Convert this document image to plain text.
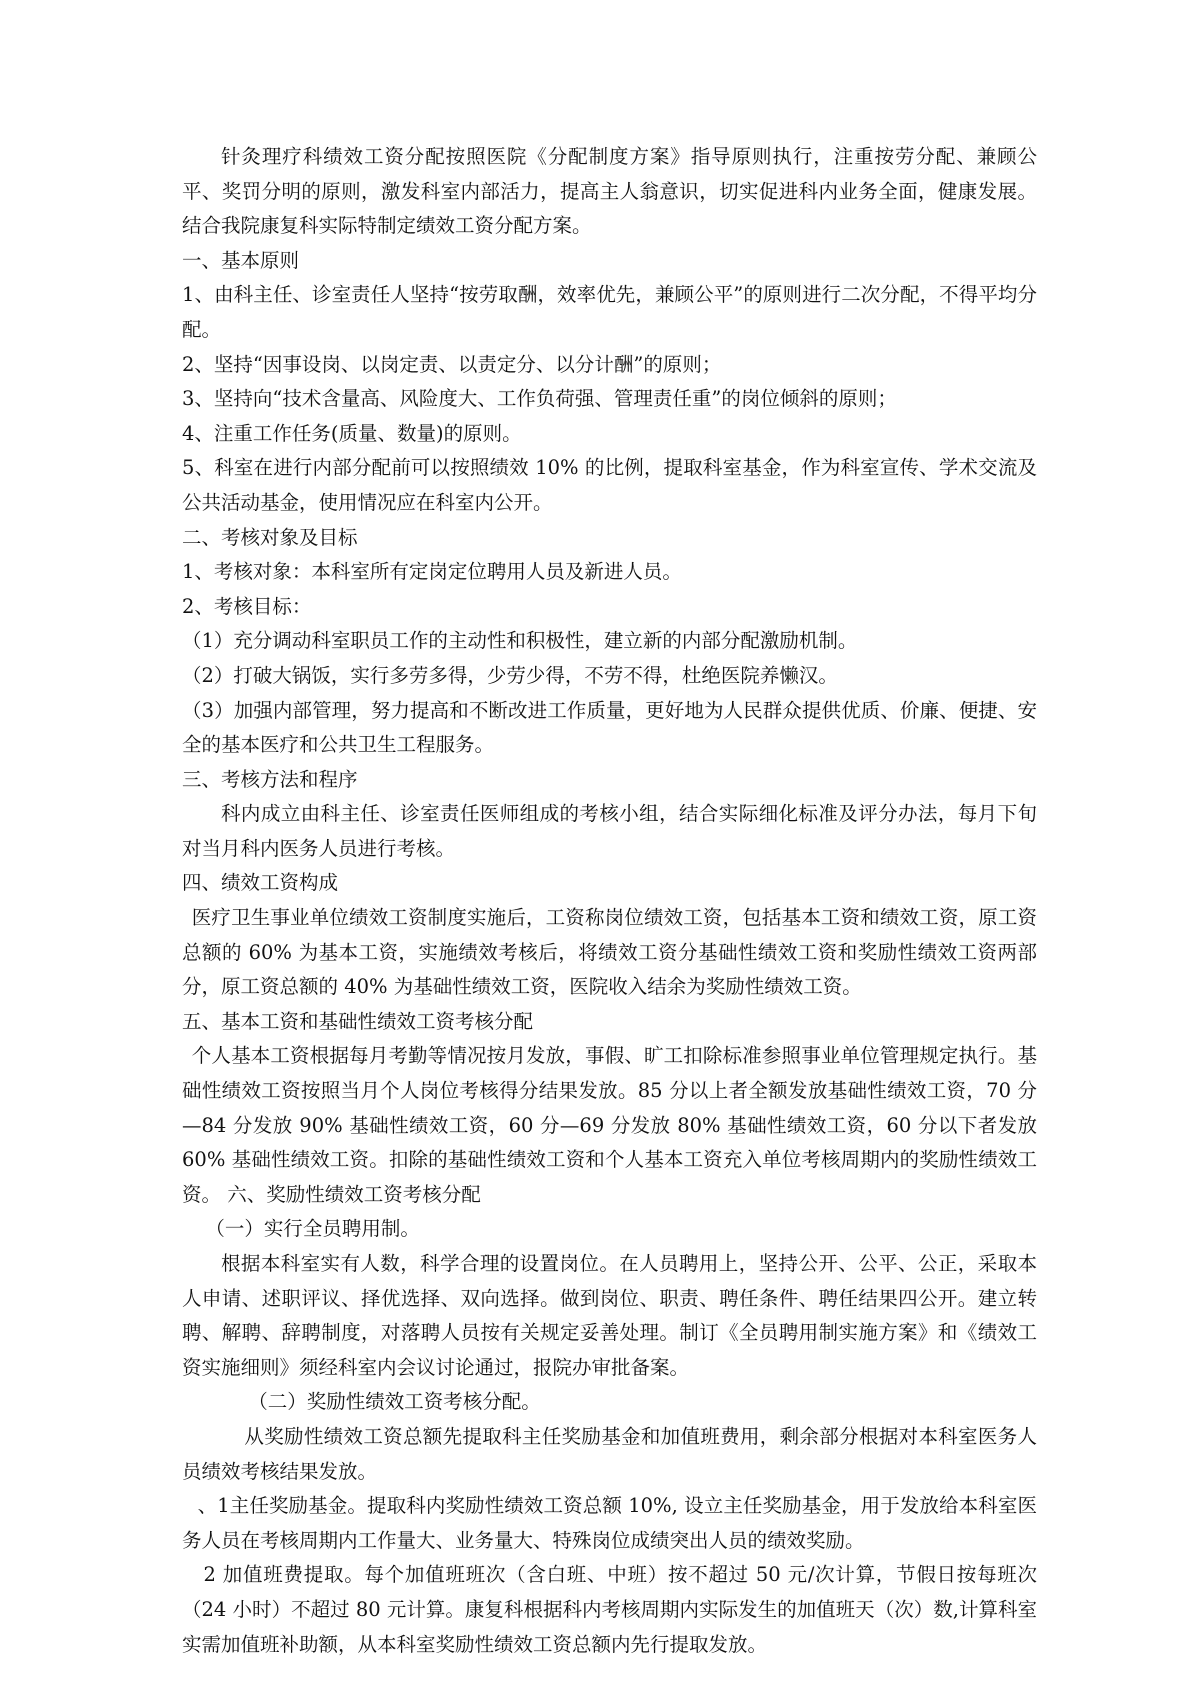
针灸理疗科绩效工资分配按照医院《分配制度方案》指导原则执行，注重按劳分配、兼顾公平、奖罚分明的原则，激发科室内部活力，提高主人翁意识，切实促进科内业务全面，健康发展。结合我院康复科实际特制定绩效工资分配方案。

一、基本原则

1、由科主任、诊室责任人坚持“按劳取酬，效率优先，兼顾公平”的原则进行二次分配，不得平均分配。

2、坚持“因事设岗、以岗定责、以责定分、以分计酬”的原则；

3、坚持向“技术含量高、风险度大、工作负荷强、管理责任重”的岗位倾斜的原则；

4、注重工作任务(质量、数量)的原则。

5、科室在进行内部分配前可以按照绩效 10% 的比例，提取科室基金，作为科室宣传、学术交流及公共活动基金，使用情况应在科室内公开。

二、考核对象及目标

1、考核对象：本科室所有定岗定位聘用人员及新进人员。

2、考核目标：

（1）充分调动科室职员工作的主动性和积极性，建立新的内部分配激励机制。

（2）打破大锅饭，实行多劳多得，少劳少得，不劳不得，杜绝医院养懒汉。

（3）加强内部管理，努力提高和不断改进工作质量，更好地为人民群众提供优质、价廉、便捷、安全的基本医疗和公共卫生工程服务。

三、考核方法和程序

科内成立由科主任、诊室责任医师组成的考核小组，结合实际细化标准及评分办法，每月下旬对当月科内医务人员进行考核。

四、绩效工资构成

医疗卫生事业单位绩效工资制度实施后，工资称岗位绩效工资，包括基本工资和绩效工资，原工资总额的 60% 为基本工资，实施绩效考核后，将绩效工资分基础性绩效工资和奖励性绩效工资两部分，原工资总额的 40% 为基础性绩效工资，医院收入结余为奖励性绩效工资。

五、基本工资和基础性绩效工资考核分配

个人基本工资根据每月考勤等情况按月发放，事假、旷工扣除标准参照事业单位管理规定执行。基础性绩效工资按照当月个人岗位考核得分结果发放。85 分以上者全额发放基础性绩效工资，70 分—84 分发放 90% 基础性绩效工资，60 分—69 分发放 80% 基础性绩效工资，60 分以下者发放 60% 基础性绩效工资。扣除的基础性绩效工资和个人基本工资充入单位考核周期内的奖励性绩效工资。 六、奖励性绩效工资考核分配

（一）实行全员聘用制。

根据本科室实有人数，科学合理的设置岗位。在人员聘用上，坚持公开、公平、公正，采取本人申请、述职评议、择优选择、双向选择。做到岗位、职责、聘任条件、聘任结果四公开。建立转聘、解聘、辞聘制度，对落聘人员按有关规定妥善处理。制订《全员聘用制实施方案》和《绩效工资实施细则》须经科室内会议讨论通过，报院办审批备案。

（二）奖励性绩效工资考核分配。

从奖励性绩效工资总额先提取科主任奖励基金和加值班费用，剩余部分根据对本科室医务人员绩效考核结果发放。

、1主任奖励基金。提取科内奖励性绩效工资总额 10%, 设立主任奖励基金，用于发放给本科室医务人员在考核周期内工作量大、业务量大、特殊岗位成绩突出人员的绩效奖励。

2 加值班费提取。每个加值班班次（含白班、中班）按不超过 50 元/次计算，节假日按每班次（24 小时）不超过 80 元计算。康复科根据科内考核周期内实际发生的加值班天（次）数,计算科室实需加值班补助额，从本科室奖励性绩效工资总额内先行提取发放。
